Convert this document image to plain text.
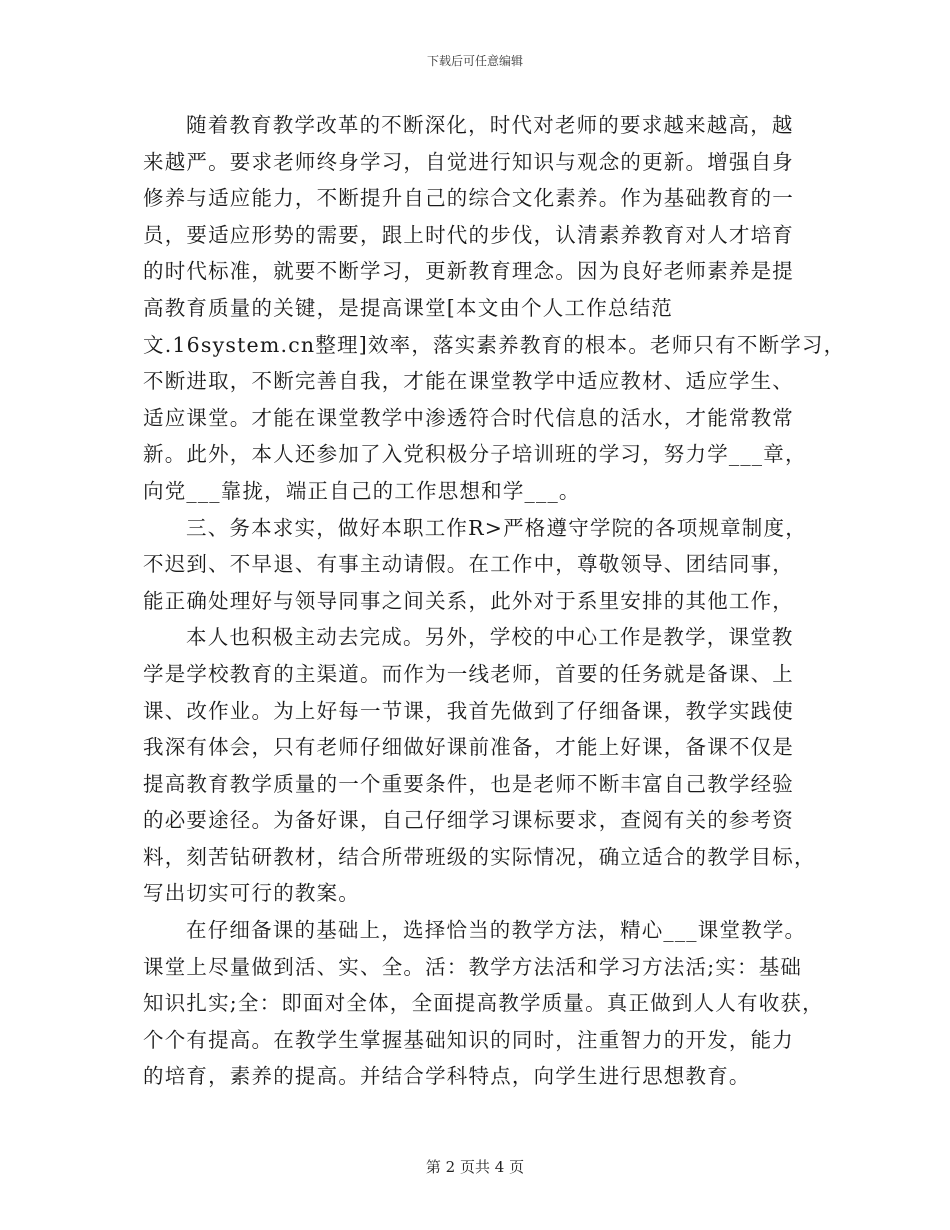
下载后可任意编辑
随着教育教学改革的不断深化，时代对老师的要求越来越高，越
来越严。要求老师终身学习，自觉进行知识与观念的更新。增强自身
修养与适应能力，不断提升自己的综合文化素养。作为基础教育的一
员，要适应形势的需要，跟上时代的步伐，认清素养教育对人才培育
的时代标准，就要不断学习，更新教育理念。因为良好老师素养是提
高教育质量的关键，是提高课堂[本文由个人工作总结范
文.16system.cn整理]效率，落实素养教育的根本。老师只有不断学习，
不断进取，不断完善自我，才能在课堂教学中适应教材、适应学生、
适应课堂。才能在课堂教学中渗透符合时代信息的活水，才能常教常
新。此外，本人还参加了入党积极分子培训班的学习，努力学___章，
向党___靠拢，端正自己的工作思想和学___。
三、务本求实，做好本职工作R>严格遵守学院的各项规章制度，
不迟到、不早退、有事主动请假。在工作中，尊敬领导、团结同事，
能正确处理好与领导同事之间关系，此外对于系里安排的其他工作，
本人也积极主动去完成。另外，学校的中心工作是教学，课堂教
学是学校教育的主渠道。而作为一线老师，首要的任务就是备课、上
课、改作业。为上好每一节课，我首先做到了仔细备课，教学实践使
我深有体会，只有老师仔细做好课前准备，才能上好课，备课不仅是
提高教育教学质量的一个重要条件，也是老师不断丰富自己教学经验
的必要途径。为备好课，自己仔细学习课标要求，查阅有关的参考资
料，刻苦钻研教材，结合所带班级的实际情况，确立适合的教学目标，
写出切实可行的教案。
在仔细备课的基础上，选择恰当的教学方法，精心___课堂教学。
课堂上尽量做到活、实、全。活：教学方法活和学习方法活;实：基础
知识扎实;全：即面对全体，全面提高教学质量。真正做到人人有收获，
个个有提高。在教学生掌握基础知识的同时，注重智力的开发，能力
的培育，素养的提高。并结合学科特点，向学生进行思想教育。
第 2 页共 4 页
